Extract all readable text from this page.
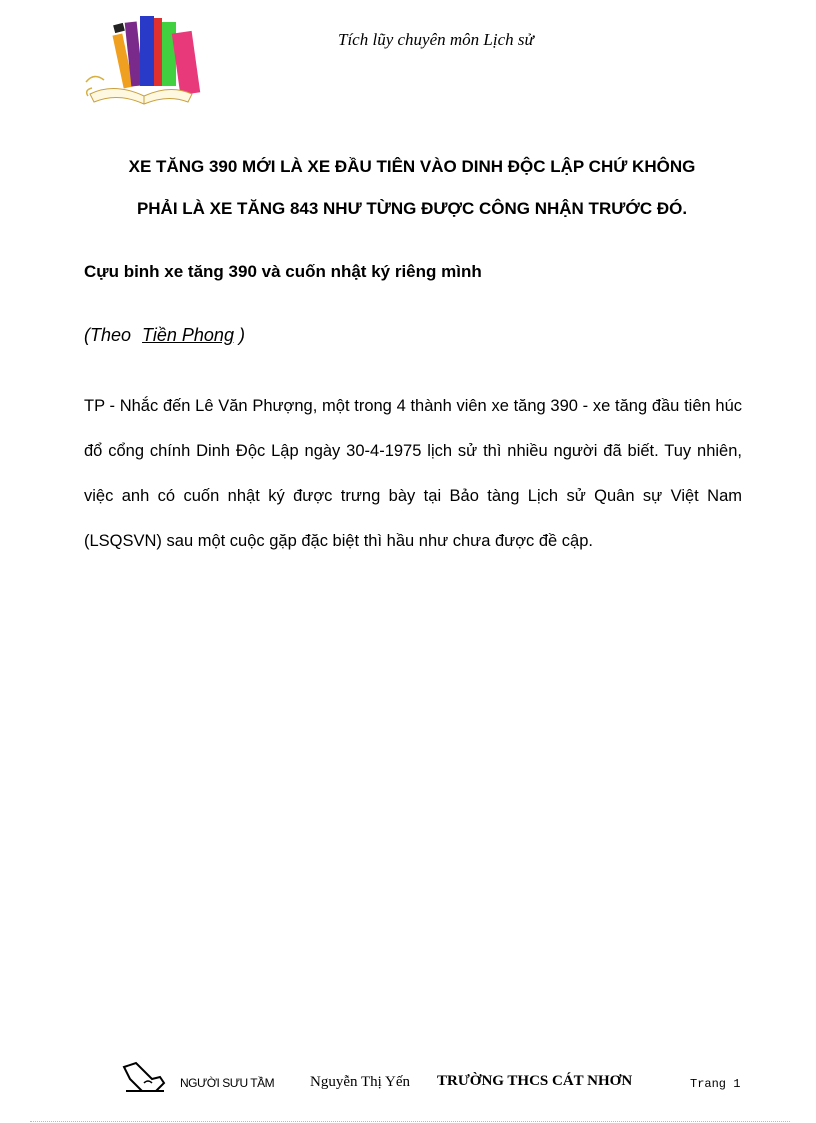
Tích lũy chuyên môn Lịch sử
XE TĂNG 390 MỚI LÀ XE ĐẦU TIÊN VÀO DINH ĐỘC LẬP CHỨ KHÔNG
PHẢI LÀ XE TĂNG 843 NHƯ TỪNG ĐƯỢC CÔNG NHẬN TRƯỚC ĐÓ.
Cựu binh xe tăng 390 và cuốn nhật ký riêng mình
(Theo Tiền Phong )
TP - Nhắc đến Lê Văn Phượng, một trong 4 thành viên xe tăng 390 - xe tăng đầu tiên húc đổ cổng chính Dinh Độc Lập ngày 30-4-1975 lịch sử thì nhiều người đã biết. Tuy nhiên, việc anh có cuốn nhật ký được trưng bày tại Bảo tàng Lịch sử Quân sự Việt Nam (LSQSVN) sau một cuộc gặp đặc biệt thì hầu như chưa được đề cập.
NGƯỜI SƯU TẦM Nguyễn Thị Yến TRƯỜNG THCS CÁT NHƠN	Trang 1
